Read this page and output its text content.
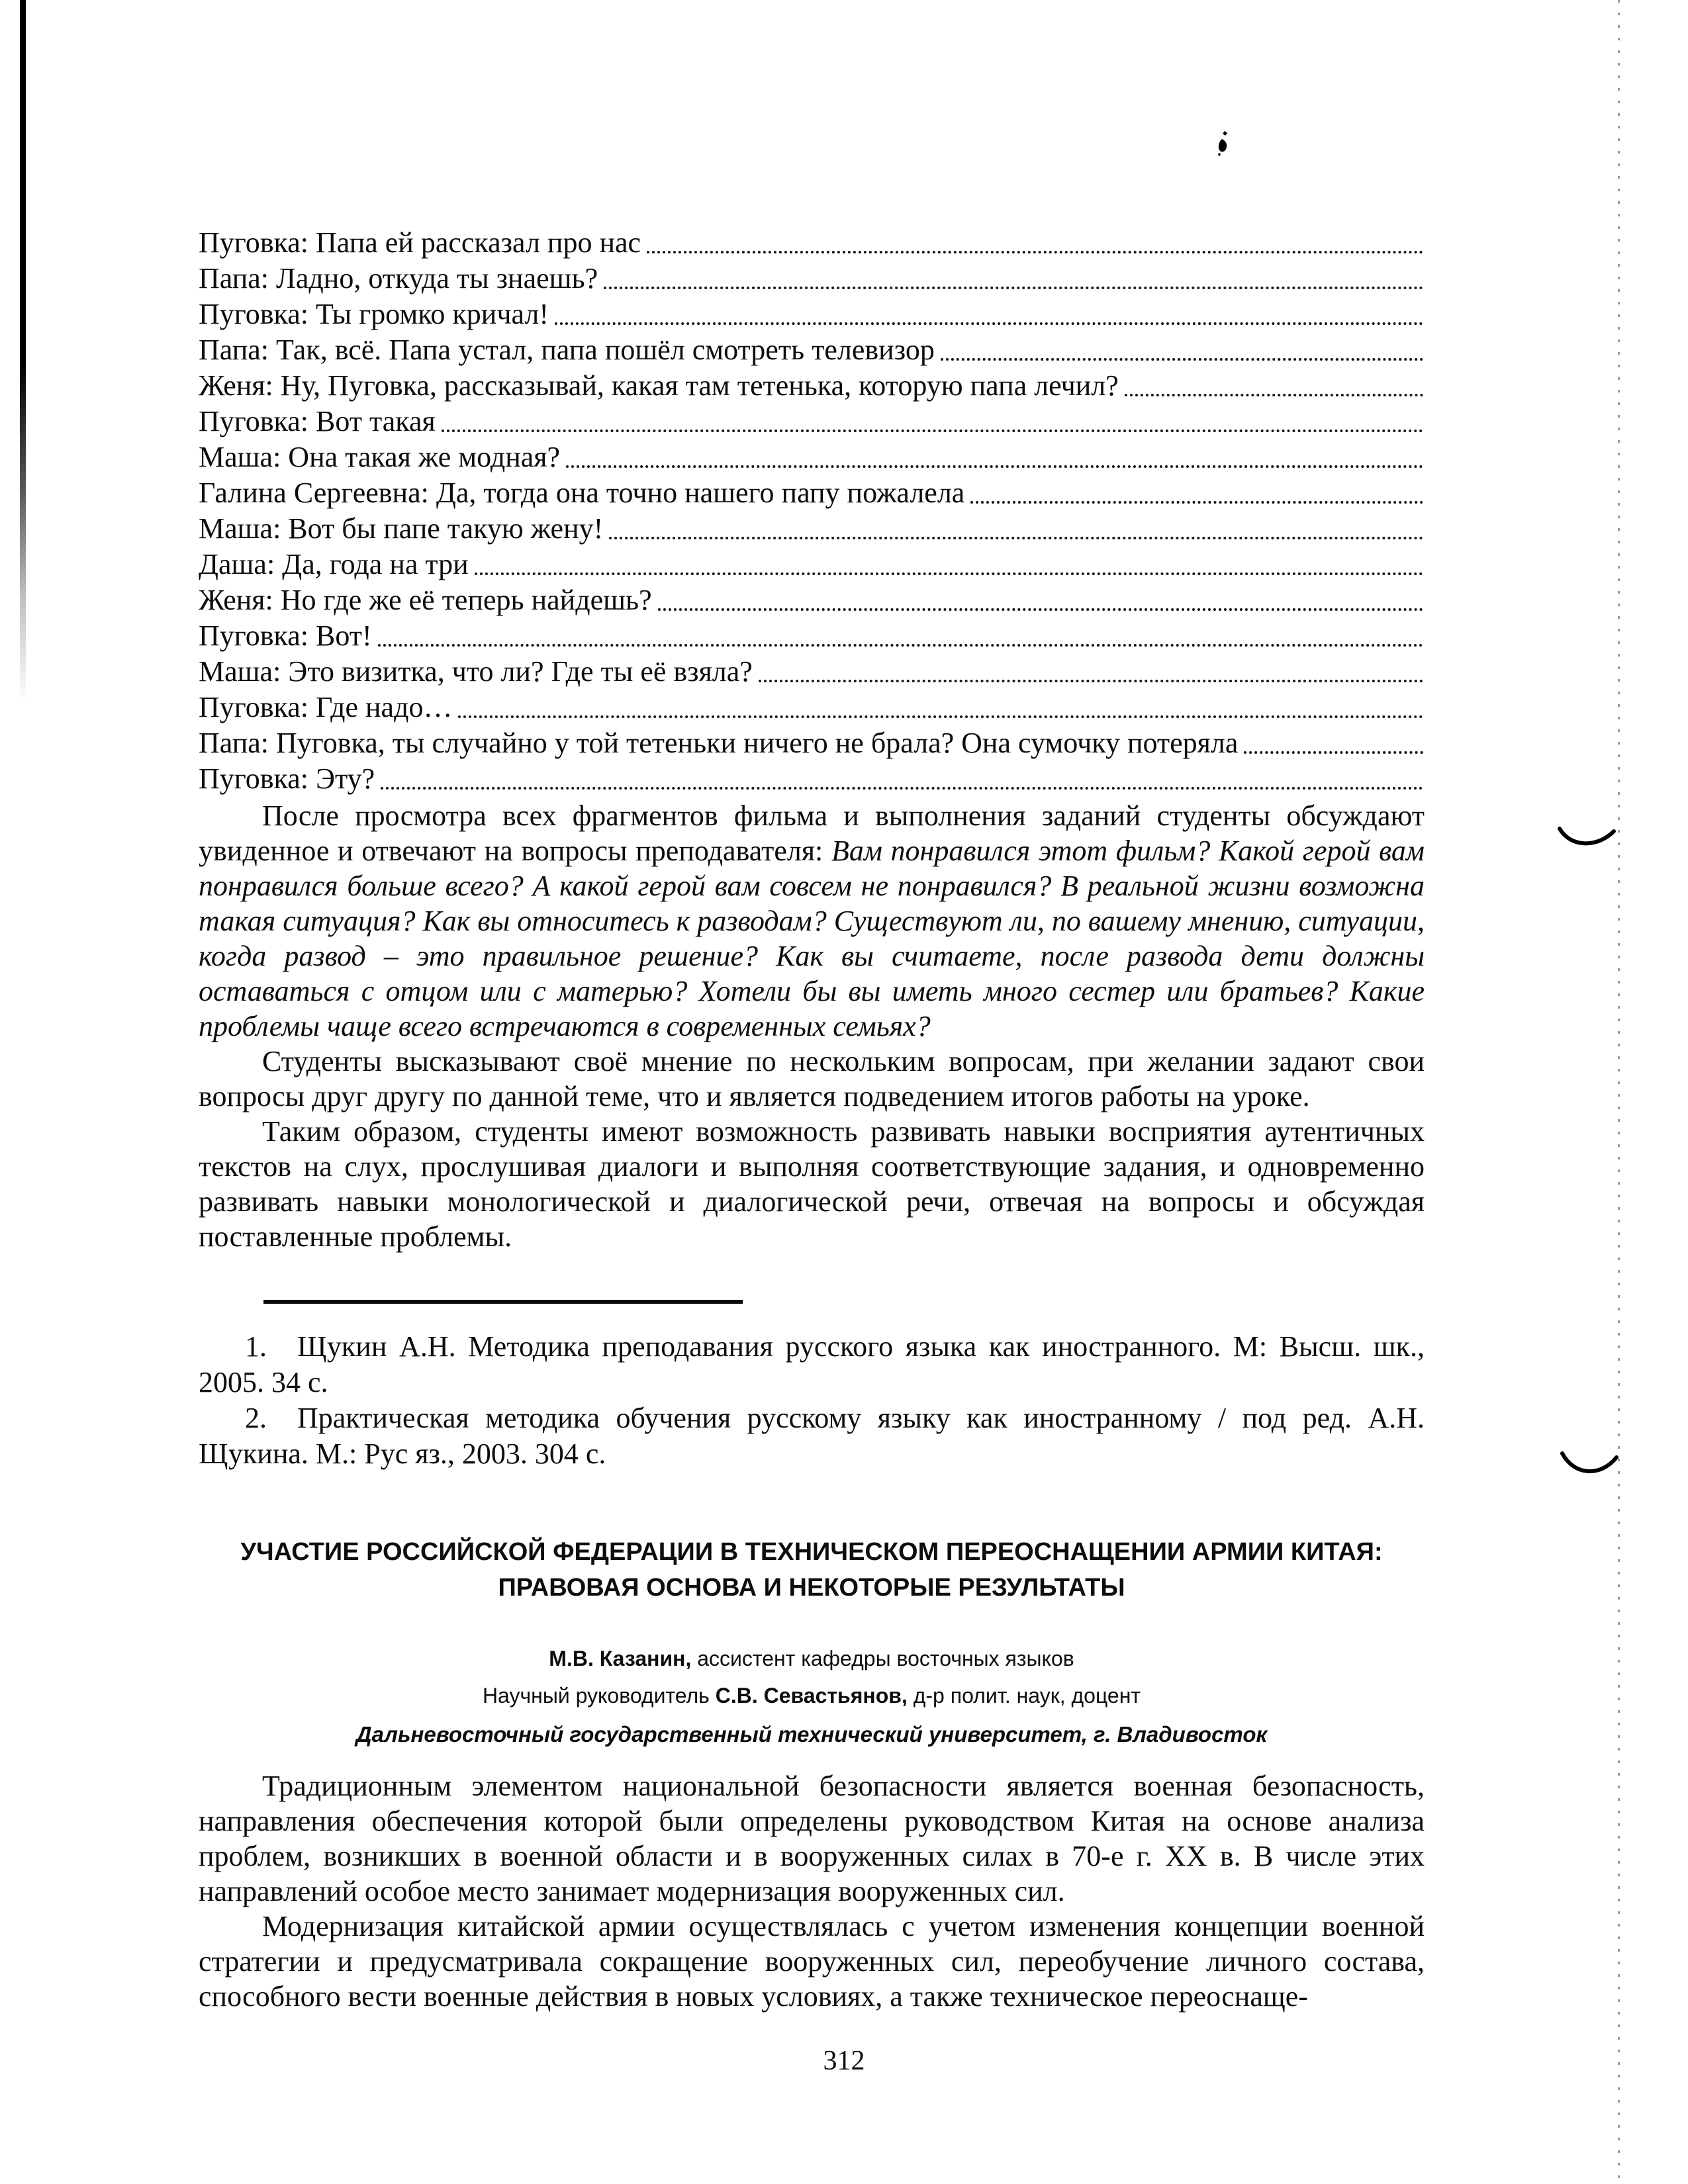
Пуговка: Папа ей рассказал про нас
Папа: Ладно, откуда ты знаешь?
Пуговка: Ты громко кричал!
Папа: Так, всё. Папа устал, папа пошёл смотреть телевизор
Женя: Ну, Пуговка, рассказывай, какая там тетенька, которую папа лечил?
Пуговка: Вот такая
Маша: Она такая же модная?
Галина Сергеевна: Да, тогда она точно нашего папу пожалела
Маша: Вот бы папе такую жену!
Даша: Да, года на три
Женя: Но где же её теперь найдешь?
Пуговка: Вот!
Маша: Это визитка, что ли? Где ты её взяла?
Пуговка: Где надо…
Папа: Пуговка, ты случайно у той тетеньки ничего не брала? Она сумочку потеряла
Пуговка: Эту?

После просмотра всех фрагментов фильма и выполнения заданий студенты обсуждают увиденное и отвечают на вопросы преподавателя: Вам понравился этот фильм? Какой герой вам понравился больше всего? А какой герой вам совсем не понравился? В реальной жизни возможна такая ситуация? Как вы относитесь к разводам? Существуют ли, по вашему мнению, ситуации, когда развод – это правильное решение? Как вы считаете, после развода дети должны оставаться с отцом или с матерью? Хотели бы вы иметь много сестер или братьев? Какие проблемы чаще всего встречаются в современных семьях?

Студенты высказывают своё мнение по нескольким вопросам, при желании задают свои вопросы друг другу по данной теме, что и является подведением итогов работы на уроке.

Таким образом, студенты имеют возможность развивать навыки восприятия аутентичных текстов на слух, прослушивая диалоги и выполняя соответствующие задания, и одновременно развивать навыки монологической и диалогической речи, отвечая на вопросы и обсуждая поставленные проблемы.

1. Щукин А.Н. Методика преподавания русского языка как иностранного. М: Высш. шк., 2005. 34 с.

2. Практическая методика обучения русскому языку как иностранному / под ред. А.Н. Щукина. М.: Рус яз., 2003. 304 с.

УЧАСТИЕ РОССИЙСКОЙ ФЕДЕРАЦИИ В ТЕХНИЧЕСКОМ ПЕРЕОСНАЩЕНИИ АРМИИ КИТАЯ:
ПРАВОВАЯ ОСНОВА И НЕКОТОРЫЕ РЕЗУЛЬТАТЫ
М.В. Казанин, ассистент кафедры восточных языков
Научный руководитель С.В. Севастьянов, д-р полит. наук, доцент
Дальневосточный государственный технический университет, г. Владивосток

Традиционным элементом национальной безопасности является военная безопасность, направления обеспечения которой были определены руководством Китая на основе анализа проблем, возникших в военной области и в вооруженных силах в 70-е г. XX в. В числе этих направлений особое место занимает модернизация вооруженных сил.

Модернизация китайской армии осуществлялась с учетом изменения концепции военной стратегии и предусматривала сокращение вооруженных сил, переобучение личного состава, способного вести военные действия в новых условиях, а также техническое переоснаще-

312
